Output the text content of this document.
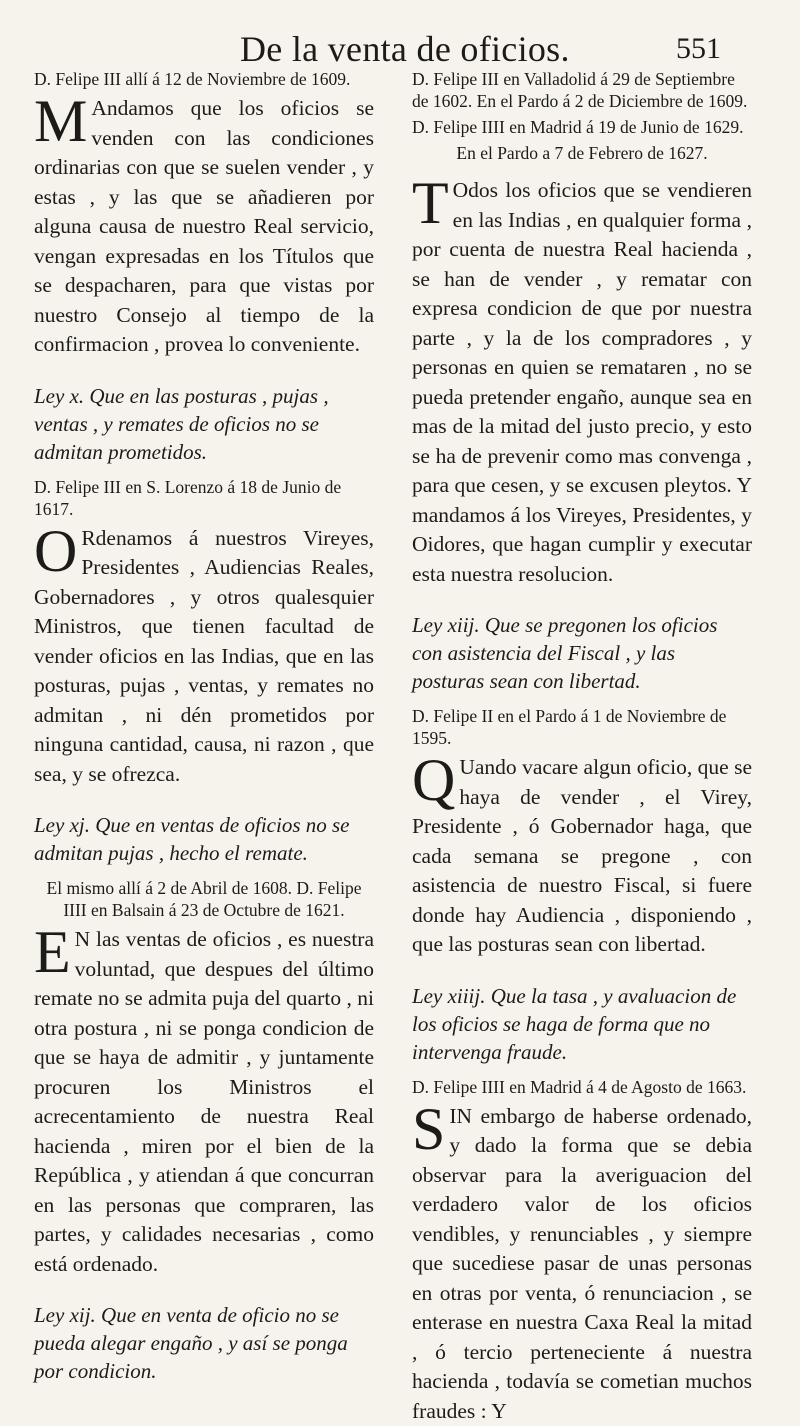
De la venta de oficios.	551

D. Felipe III allí á 12 de Noviembre de 1609.

M Andamos que los oficios se venden con las condiciones ordinarias con que se suelen vender , y estas , y las que se añadieren por alguna causa de nuestro Real servicio, vengan expresadas en los Títulos que se despacharen, para que vistas por nuestro Consejo al tiempo de la confirmacion , provea lo conveniente.

Ley x. Que en las posturas , pujas , ventas , y remates de oficios no se admitan prometidos.

D. Felipe III en S. Lorenzo á 18 de Junio de 1617.

O Rdenamos á nuestros Vireyes, Presidentes , Audiencias Reales, Gobernadores , y otros qualesquier Ministros, que tienen facultad de vender oficios en las Indias, que en las posturas, pujas , ventas, y remates no admitan , ni dén prometidos por ninguna cantidad, causa, ni razon , que sea, y se ofrezca.

Ley xj. Que en ventas de oficios no se admitan pujas , hecho el remate.

El mismo allí á 2 de Abril de 1608. D. Felipe IIII en Balsain á 23 de Octubre de 1621.

E N las ventas de oficios , es nuestra voluntad, que despues del último remate no se admita puja del quarto , ni otra postura , ni se ponga condicion de que se haya de admitir , y juntamente procuren los Ministros el acrecentamiento de nuestra Real hacienda , miren por el bien de la República , y atiendan á que concurran en las personas que compraren, las partes, y calidades necesarias , como está ordenado.

Ley xij. Que en venta de oficio no se pueda alegar engaño , y así se ponga por condicion.

D. Felipe III en Valladolid á 29 de Septiembre de 1602. En el Pardo á 2 de Diciembre de 1609.

D. Felipe IIII en Madrid á 19 de Junio de 1629.

En el Pardo a 7 de Febrero de 1627.

T Odos los oficios que se vendieren en las Indias , en qualquier forma , por cuenta de nuestra Real hacienda , se han de vender , y rematar con expresa condicion de que por nuestra parte , y la de los compradores , y personas en quien se remataren , no se pueda pretender engaño, aunque sea en mas de la mitad del justo precio, y esto se ha de prevenir como mas convenga , para que cesen, y se excusen pleytos. Y mandamos á los Vireyes, Presidentes, y Oidores, que hagan cumplir y executar esta nuestra resolucion.

Ley xiij. Que se pregonen los oficios con asistencia del Fiscal , y las posturas sean con libertad.

D. Felipe II en el Pardo á 1 de Noviembre de 1595.

Q Uando vacare algun oficio, que se haya de vender , el Virey, Presidente , ó Gobernador haga, que cada semana se pregone , con asistencia de nuestro Fiscal, si fuere donde hay Audiencia , disponiendo , que las posturas sean con libertad.

Ley xiiij. Que la tasa , y avaluacion de los oficios se haga de forma que no intervenga fraude.

D. Felipe IIII en Madrid á 4 de Agosto de 1663.

SIN embargo de haberse ordenado, y dado la forma que se debia observar para la averiguacion del verdadero valor de los oficios vendibles, y renunciables , y siempre que sucediese pasar de unas personas en otras por venta, ó renunciacion , se enterase en nuestra Caxa Real la mitad , ó tercio perteneciente á nuestra hacienda , todavía se cometian muchos fraudes : Y
